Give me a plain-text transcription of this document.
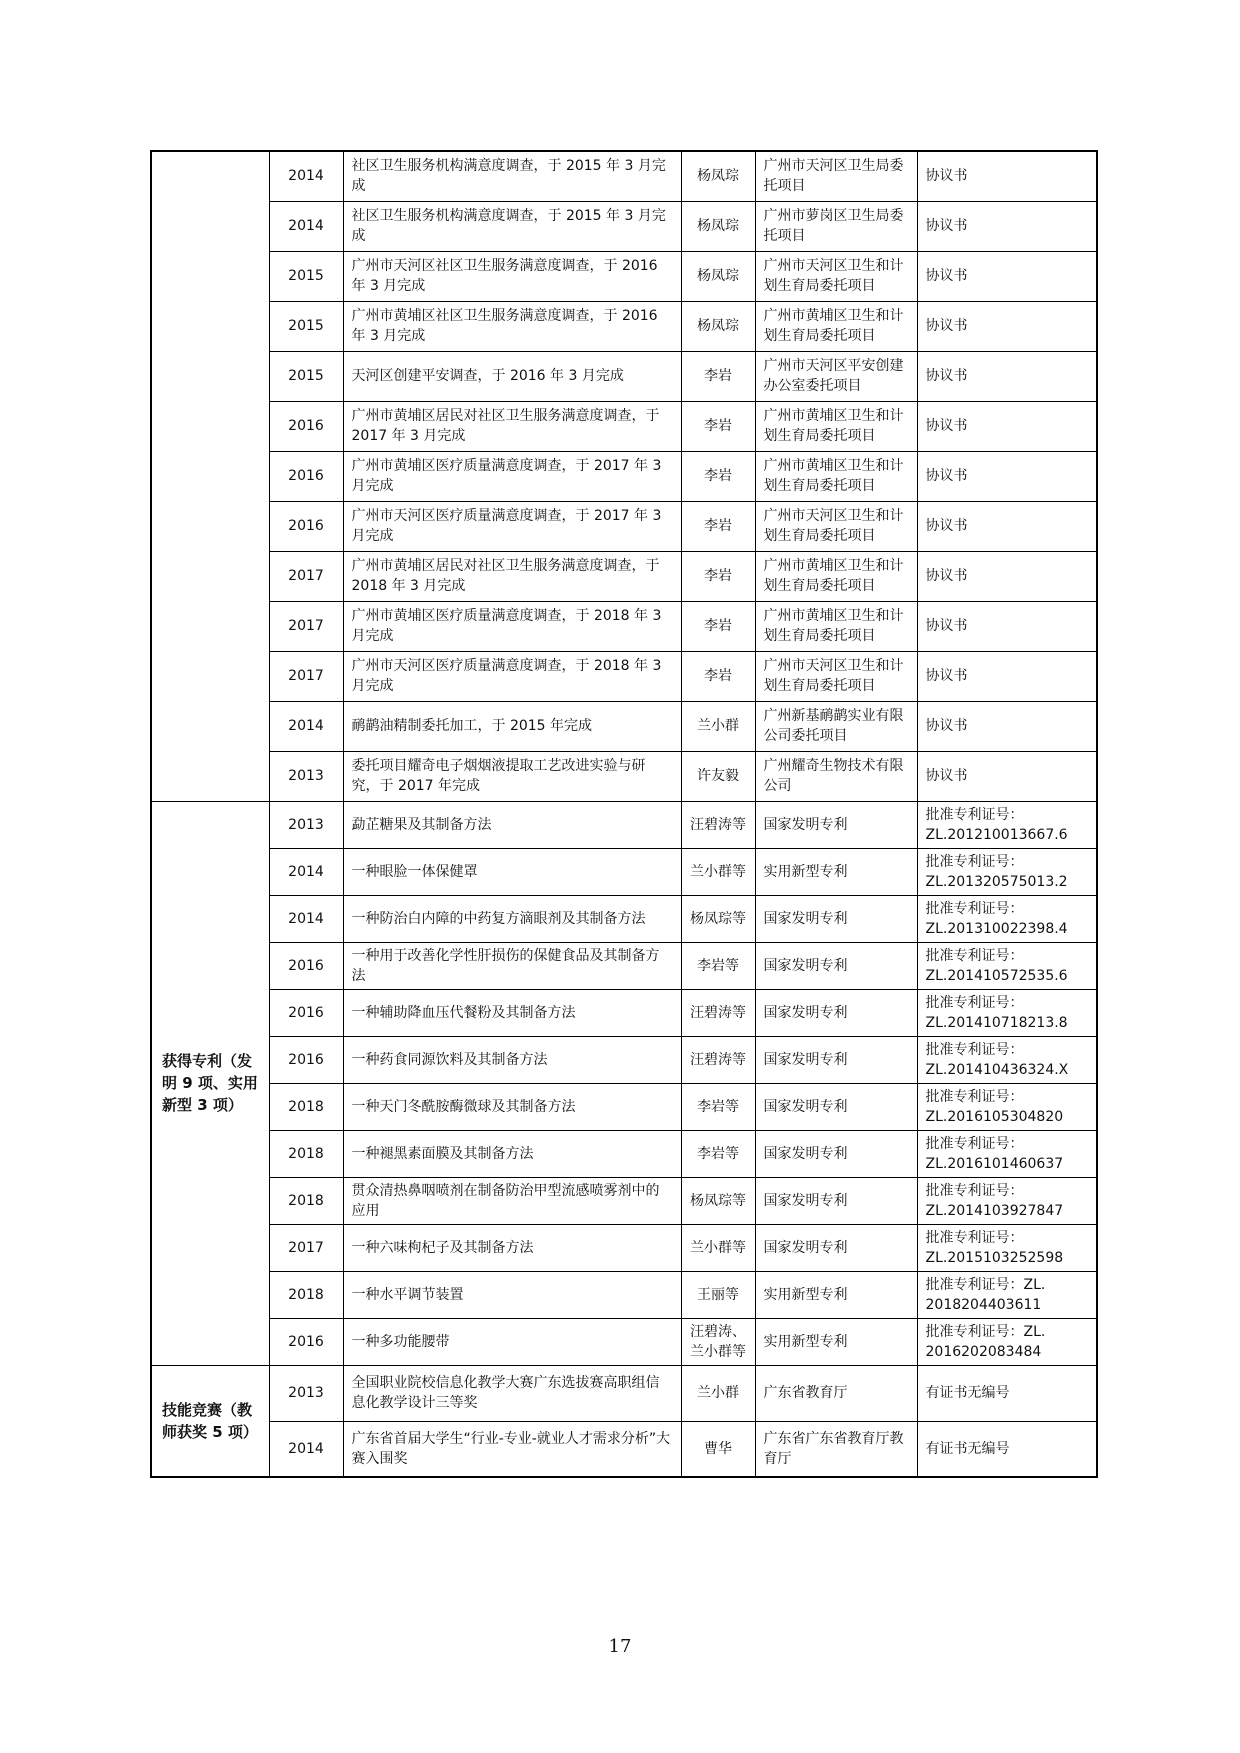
	2014	社区卫生服务机构满意度调查，于 2015 年 3 月完成	杨凤琮	广州市天河区卫生局委托项目	协议书
	2014	社区卫生服务机构满意度调查，于 2015 年 3 月完成	杨凤琮	广州市萝岗区卫生局委托项目	协议书
	2015	广州市天河区社区卫生服务满意度调查，于 2016 年 3 月完成	杨凤琮	广州市天河区卫生和计划生育局委托项目	协议书
	2015	广州市黄埔区社区卫生服务满意度调查，于 2016 年 3 月完成	杨凤琮	广州市黄埔区卫生和计划生育局委托项目	协议书
	2015	天河区创建平安调查，于 2016 年 3 月完成	李岩	广州市天河区平安创建办公室委托项目	协议书
	2016	广州市黄埔区居民对社区卫生服务满意度调查，于 2017 年 3 月完成	李岩	广州市黄埔区卫生和计划生育局委托项目	协议书
	2016	广州市黄埔区医疗质量满意度调查，于 2017 年 3 月完成	李岩	广州市黄埔区卫生和计划生育局委托项目	协议书
	2016	广州市天河区医疗质量满意度调查，于 2017 年 3 月完成	李岩	广州市天河区卫生和计划生育局委托项目	协议书
	2017	广州市黄埔区居民对社区卫生服务满意度调查，于 2018 年 3 月完成	李岩	广州市黄埔区卫生和计划生育局委托项目	协议书
	2017	广州市黄埔区医疗质量满意度调查，于 2018 年 3 月完成	李岩	广州市黄埔区卫生和计划生育局委托项目	协议书
	2017	广州市天河区医疗质量满意度调查，于 2018 年 3 月完成	李岩	广州市天河区卫生和计划生育局委托项目	协议书
	2014	鸸鹋油精制委托加工，于 2015 年完成	兰小群	广州新基鸸鹋实业有限公司委托项目	协议书
	2013	委托项目耀奇电子烟烟液提取工艺改进实验与研究，于 2017 年完成	许友毅	广州耀奇生物技术有限公司	协议书
获得专利（发明 9 项、实用新型 3 项）	2013	勐芷糖果及其制备方法	汪碧涛等	国家发明专利	批准专利证号：ZL.201210013667.6
	2014	一种眼脸一体保健罩	兰小群等	实用新型专利	批准专利证号：ZL.201320575013.2
	2014	一种防治白内障的中药复方滴眼剂及其制备方法	杨凤琮等	国家发明专利	批准专利证号：ZL.201310022398.4
	2016	一种用于改善化学性肝损伤的保健食品及其制备方法	李岩等	国家发明专利	批准专利证号：ZL.201410572535.6
	2016	一种辅助降血压代餐粉及其制备方法	汪碧涛等	国家发明专利	批准专利证号：ZL.201410718213.8
	2016	一种药食同源饮料及其制备方法	汪碧涛等	国家发明专利	批准专利证号：ZL.201410436324.X
	2018	一种天门冬酰胺酶微球及其制备方法	李岩等	国家发明专利	批准专利证号：ZL.2016105304820
	2018	一种褪黑素面膜及其制备方法	李岩等	国家发明专利	批准专利证号：ZL.2016101460637
	2018	贯众清热鼻咽喷剂在制备防治甲型流感喷雾剂中的应用	杨凤琮等	国家发明专利	批准专利证号：ZL.2014103927847
	2017	一种六味枸杞子及其制备方法	兰小群等	国家发明专利	批准专利证号：ZL.2015103252598
	2018	一种水平调节装置	王丽等	实用新型专利	批准专利证号：ZL. 2018204403611
	2016	一种多功能腰带	汪碧涛、兰小群等	实用新型专利	批准专利证号：ZL. 2016202083484
技能竞赛（教师获奖 5 项）	2013	全国职业院校信息化教学大赛广东选拔赛高职组信息化教学设计三等奖	兰小群	广东省教育厅	有证书无编号
	2014	广东省首届大学生“行业-专业-就业人才需求分析”大赛入围奖	曹华	广东省广东省教育厅教育厅	有证书无编号
17
